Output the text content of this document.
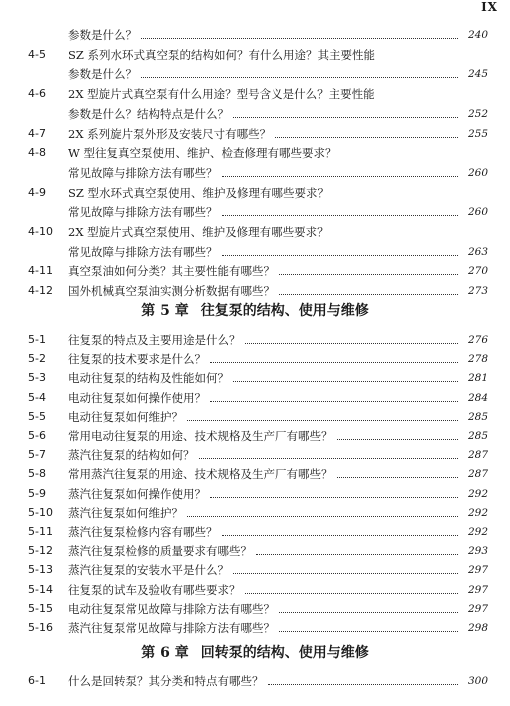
IX
参数是什么？	240
4-5	SZ 系列水环式真空泵的结构如何？有什么用途？其主要性能
参数是什么？	245
4-6	2X 型旋片式真空泵有什么用途？型号含义是什么？主要性能
参数是什么？结构特点是什么？	252
4-7	2X 系列旋片泵外形及安装尺寸有哪些？	255
4-8	W 型往复真空泵使用、维护、检查修理有哪些要求？
常见故障与排除方法有哪些？	260
4-9	SZ 型水环式真空泵使用、维护及修理有哪些要求？
常见故障与排除方法有哪些？	260
4-10	2X 型旋片式真空泵使用、维护及修理有哪些要求？
常见故障与排除方法有哪些？	263
4-11	真空泵油如何分类？其主要性能有哪些？	270
4-12	国外机械真空泵油实测分析数据有哪些？	273
第 5 章 往复泵的结构、使用与维修
5-1	往复泵的特点及主要用途是什么？	276
5-2	往复泵的技术要求是什么？	278
5-3	电动往复泵的结构及性能如何？	281
5-4	电动往复泵如何操作使用？	284
5-5	电动往复泵如何维护？	285
5-6	常用电动往复泵的用途、技术规格及生产厂有哪些？	285
5-7	蒸汽往复泵的结构如何？	287
5-8	常用蒸汽往复泵的用途、技术规格及生产厂有哪些？	287
5-9	蒸汽往复泵如何操作使用？	292
5-10	蒸汽往复泵如何维护？	292
5-11	蒸汽往复泵检修内容有哪些？	292
5-12	蒸汽往复泵检修的质量要求有哪些？	293
5-13	蒸汽往复泵的安装水平是什么？	297
5-14	往复泵的试车及验收有哪些要求？	297
5-15	电动往复泵常见故障与排除方法有哪些？	297
5-16	蒸汽往复泵常见故障与排除方法有哪些？	298
第 6 章 回转泵的结构、使用与维修
6-1	什么是回转泵？其分类和特点有哪些？	300
